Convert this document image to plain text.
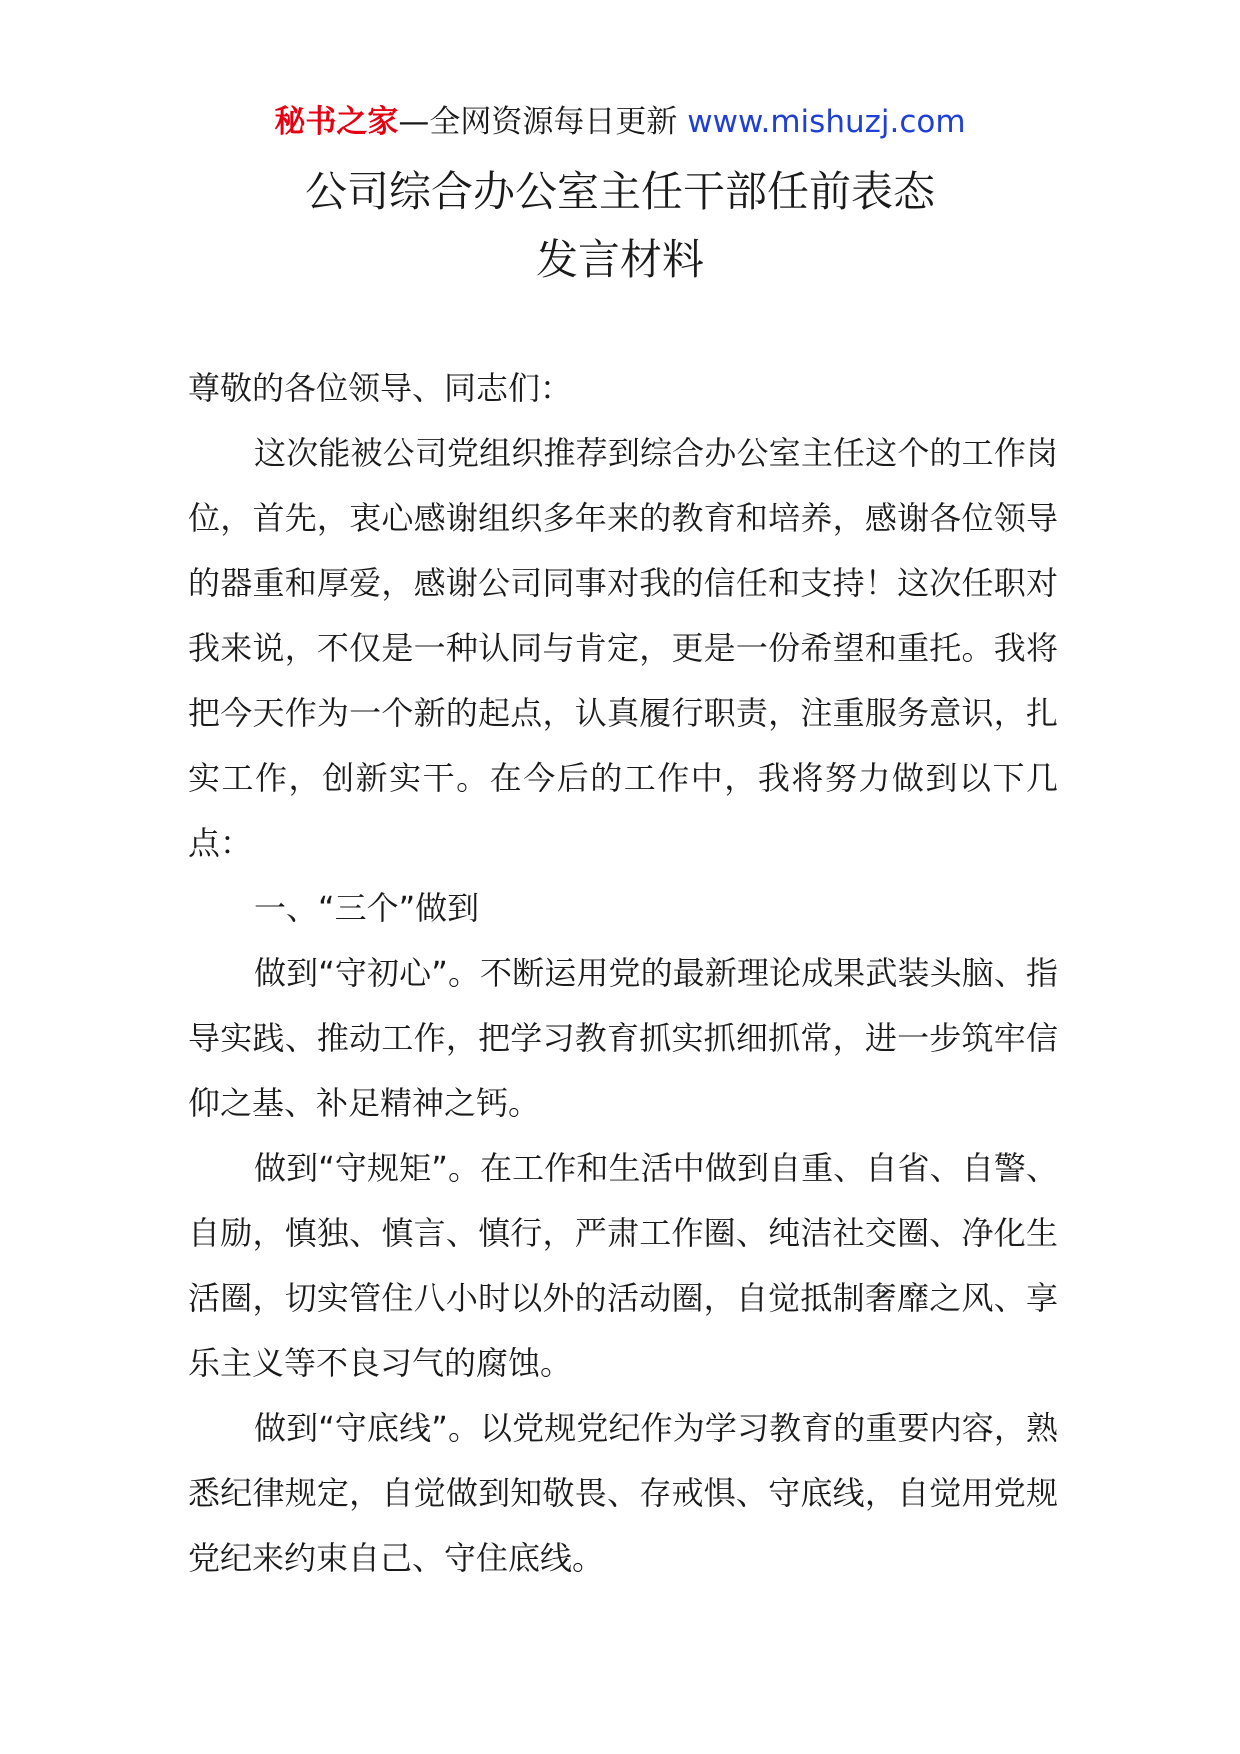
秘书之家—全网资源每日更新 www.mishuzj.com
公司综合办公室主任干部任前表态
发言材料

尊敬的各位领导、同志们：

这次能被公司党组织推荐到综合办公室主任这个的工作岗位，首先，衷心感谢组织多年来的教育和培养，感谢各位领导的器重和厚爱，感谢公司同事对我的信任和支持！这次任职对我来说，不仅是一种认同与肯定，更是一份希望和重托。我将把今天作为一个新的起点，认真履行职责，注重服务意识，扎实工作，创新实干。在今后的工作中，我将努力做到以下几点：

一、“三个”做到

做到“守初心”。不断运用党的最新理论成果武装头脑、指导实践、推动工作，把学习教育抓实抓细抓常，进一步筑牢信仰之基、补足精神之钙。

做到“守规矩”。在工作和生活中做到自重、自省、自警、自励，慎独、慎言、慎行，严肃工作圈、纯洁社交圈、净化生活圈，切实管住八小时以外的活动圈，自觉抵制奢靡之风、享乐主义等不良习气的腐蚀。

做到“守底线”。以党规党纪作为学习教育的重要内容，熟悉纪律规定，自觉做到知敬畏、存戒惧、守底线，自觉用党规党纪来约束自己、守住底线。
